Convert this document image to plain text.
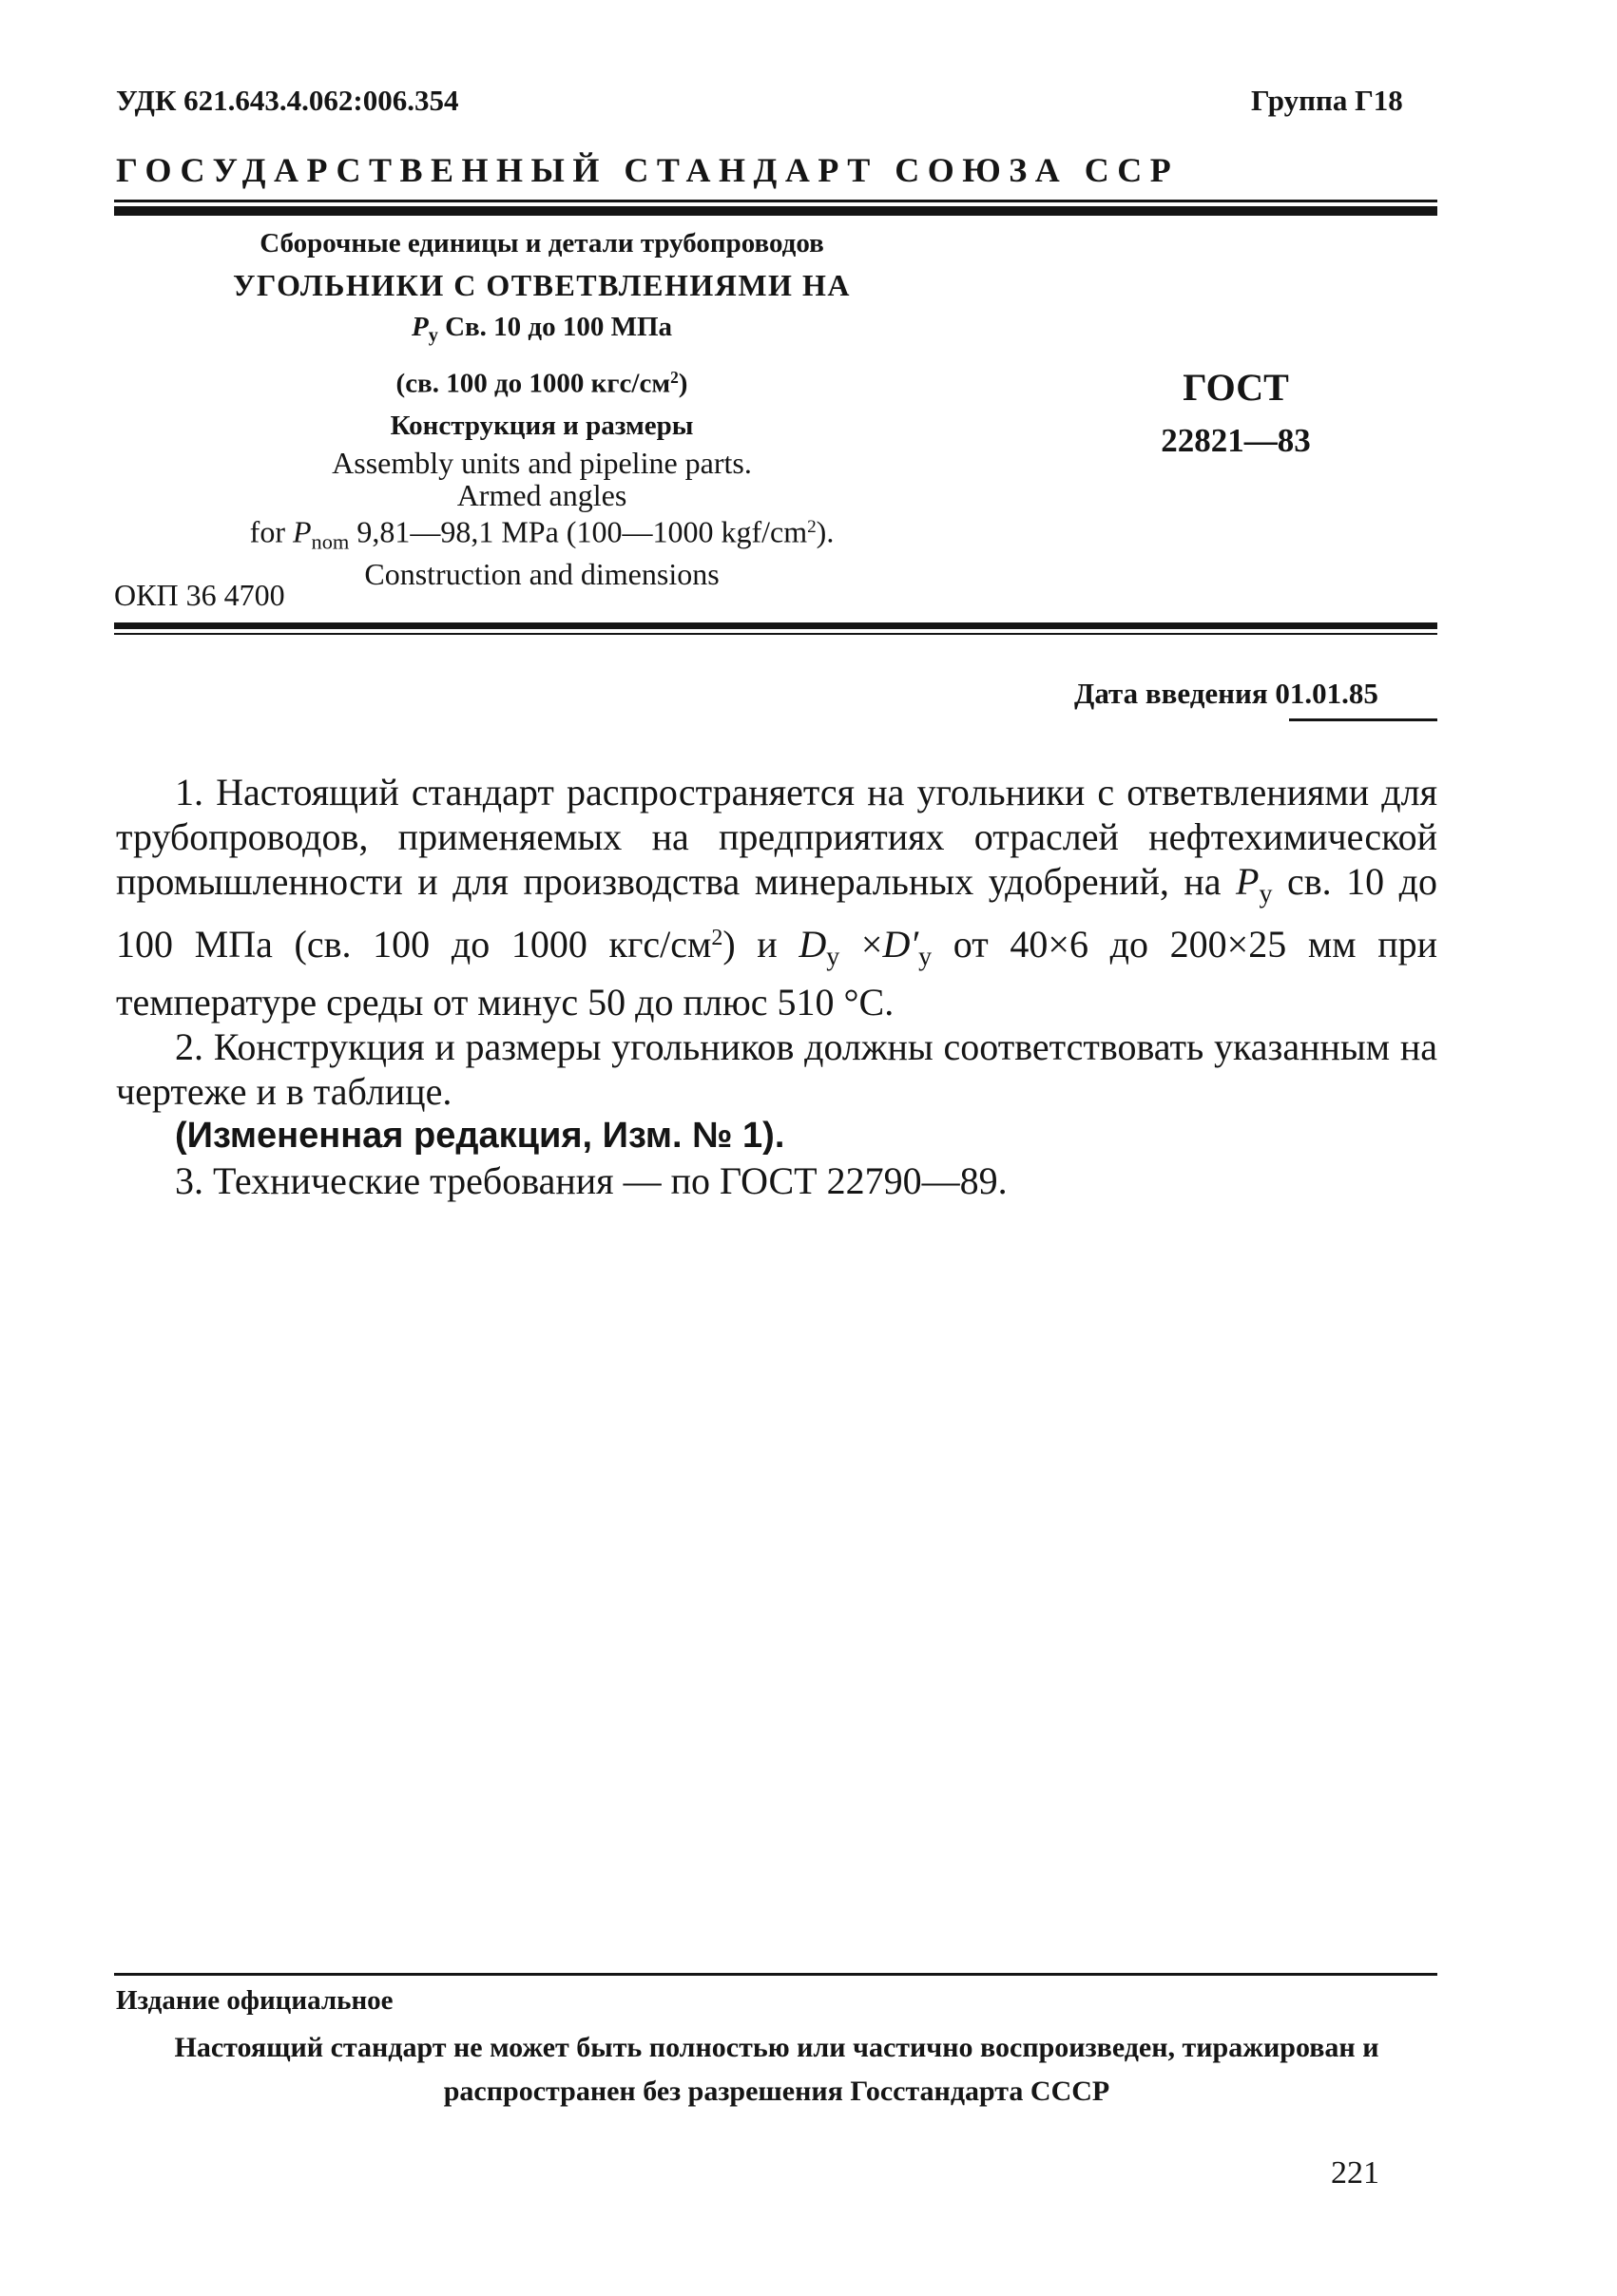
УДК 621.643.4.062:006.354	Группа Г18
ГОСУДАРСТВЕННЫЙ СТАНДАРТ СОЮЗА ССР
Сборочные единицы и детали трубопроводов
УГОЛЬНИКИ С ОТВЕТВЛЕНИЯМИ НА
$P_у$ Св. 10 до 100 МПа
(св. 100 до 1000 кгс/$см^2$)
Конструкция и размеры
Assembly units and pipeline parts.
Armed angles
for $P_{nom}$ 9,81—98,1 MPa (100—1000 kgf/$cm^2$).
Construction and dimensions
ОКП 36 4700
ГОСТ
22821—83
Дата введения 01.01.85
1. Настоящий стандарт распространяется на угольники с ответвлениями для трубопроводов, применяемых на предприятиях отраслей нефтехимической промышленности и для производства минеральных удобрений, на $P_у$ св. 10 до 100 МПа (св. 100 до 1000 кгс/$см^2$) и $D_у \times D'_у$ от 40×6 до 200×25 мм при температуре среды от минус 50 до плюс 510 °С.
2. Конструкция и размеры угольников должны соответствовать указанным на чертеже и в таблице.
(Измененная редакция, Изм. № 1).
3. Технические требования — по ГОСТ 22790—89.
Издание официальное
Настоящий стандарт не может быть полностью или частично воспроизведен, тиражирован и распространен без разрешения Госстандарта СССР
221
